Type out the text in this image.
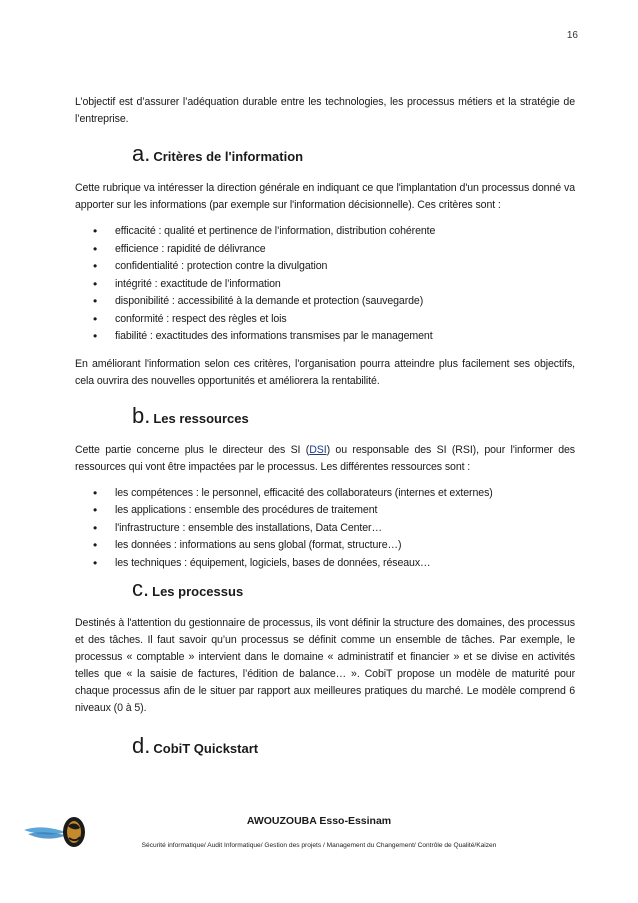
16

L’objectif est d’assurer l’adéquation durable entre les technologies, les processus métiers et la stratégie de l’entreprise.

a. Critères de l'information

Cette rubrique va intéresser la direction générale en indiquant ce que l'implantation d'un processus donné va apporter sur les informations (par exemple sur l'information décisionnelle). Ces critères sont :

• efficacité : qualité et pertinence de l’information, distribution cohérente
• efficience : rapidité de délivrance
• confidentialité : protection contre la divulgation
• intégrité : exactitude de l’information
• disponibilité : accessibilité à la demande et protection (sauvegarde)
• conformité : respect des règles et lois
• fiabilité : exactitudes des informations transmises par le management

En améliorant l'information selon ces critères, l'organisation pourra atteindre plus facilement ses objectifs, cela ouvrira des nouvelles opportunités et améliorera la rentabilité.

b. Les ressources

Cette partie concerne plus le directeur des SI (DSI) ou responsable des SI (RSI), pour l'informer des ressources qui vont être impactées par le processus. Les différentes ressources sont :

• les compétences : le personnel, efficacité des collaborateurs (internes et externes)
• les applications : ensemble des procédures de traitement
• l'infrastructure : ensemble des installations, Data Center…
• les données : informations au sens global (format, structure…)
• les techniques : équipement, logiciels, bases de données, réseaux…
c. Les processus

Destinés à l'attention du gestionnaire de processus, ils vont définir la structure des domaines, des processus et des tâches. Il faut savoir qu’un processus se définit comme un ensemble de tâches. Par exemple, le processus « comptable » intervient dans le domaine « administratif et financier » et se divise en activités telles que « la saisie de factures, l’édition de balance… ». CobiT propose un modèle de maturité pour chaque processus afin de le situer par rapport aux meilleures pratiques du marché. Le modèle comprend 6 niveaux (0 à 5).

d. CobiT Quickstart
AWOUZOUBA Esso-Essinam
Sécurité informatique/ Audit Informatique/ Gestion des projets / Management du Changement/ Contrôle de Qualité/Kaizen
